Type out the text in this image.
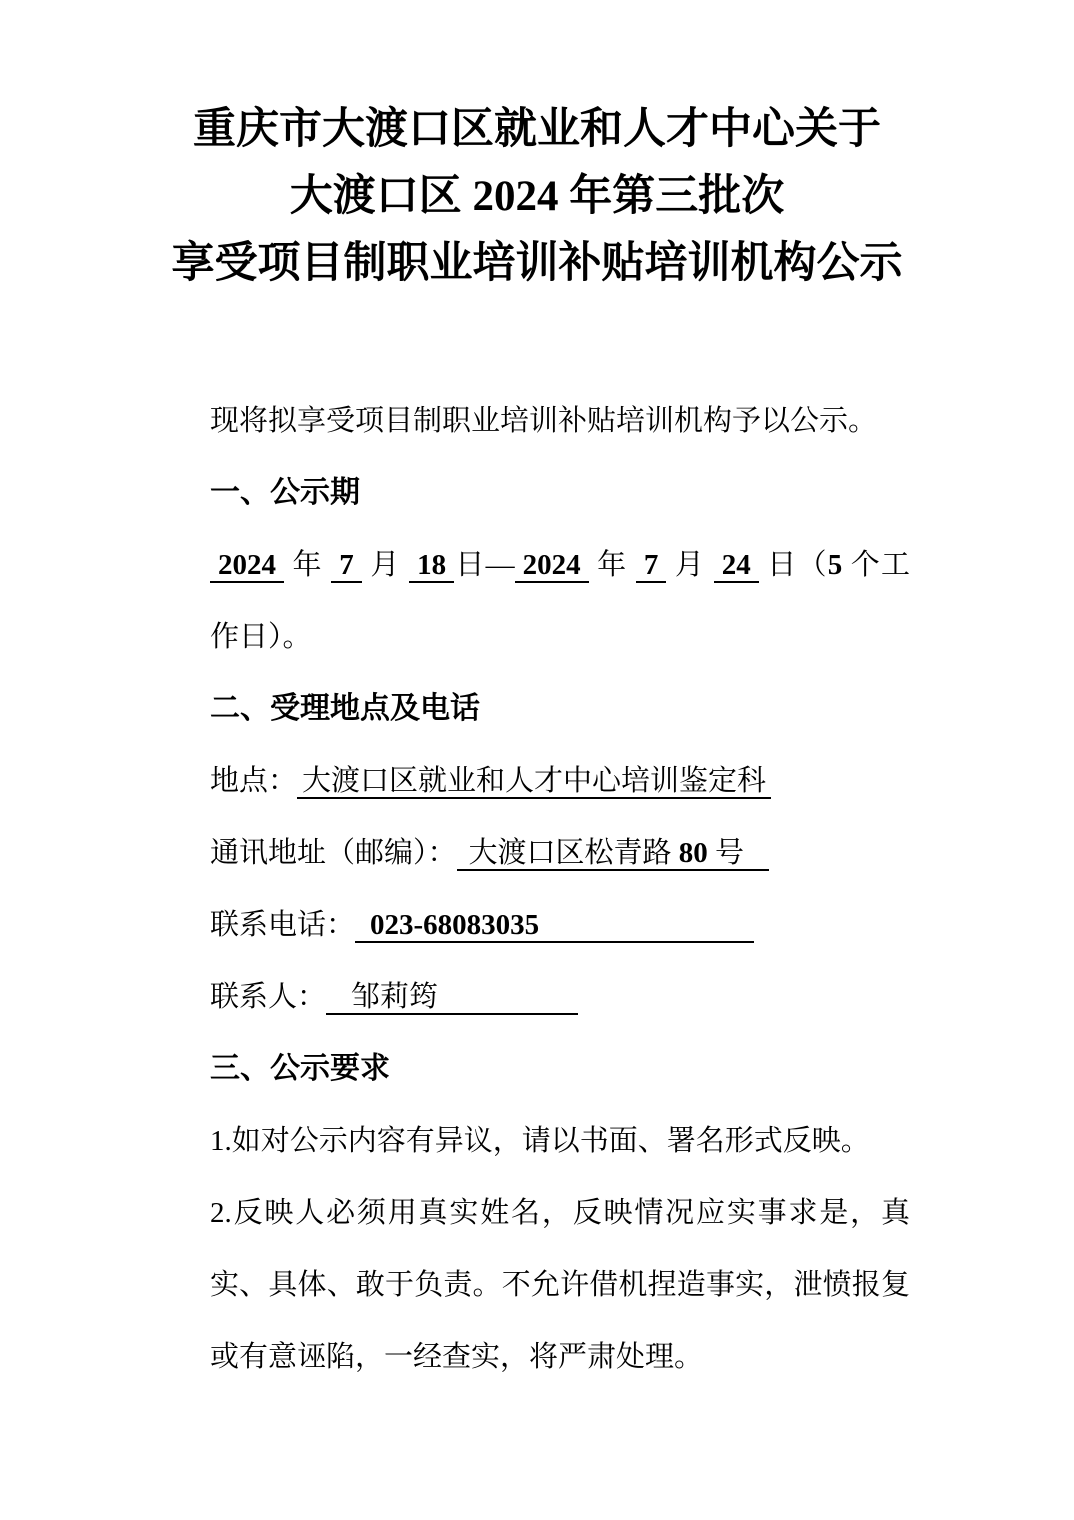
重庆市大渡口区就业和人才中心关于
大渡口区 2024 年第三批次
享受项目制职业培训补贴培训机构公示

现将拟享受项目制职业培训补贴培训机构予以公示。

一、公示期

2024 年 7 月 18 日— 2024 年 7 月 24 日（5 个工作日）。

二、受理地点及电话

地点： 大渡口区就业和人才中心培训鉴定科

通讯地址（邮编）： 大渡口区松青路 80 号

联系电话： 023-68083035

联系人： 邹莉筠

三、公示要求

1.如对公示内容有异议，请以书面、署名形式反映。

2.反映人必须用真实姓名，反映情况应实事求是，真实、具体、敢于负责。不允许借机捏造事实，泄愤报复或有意诬陷，一经查实，将严肃处理。
